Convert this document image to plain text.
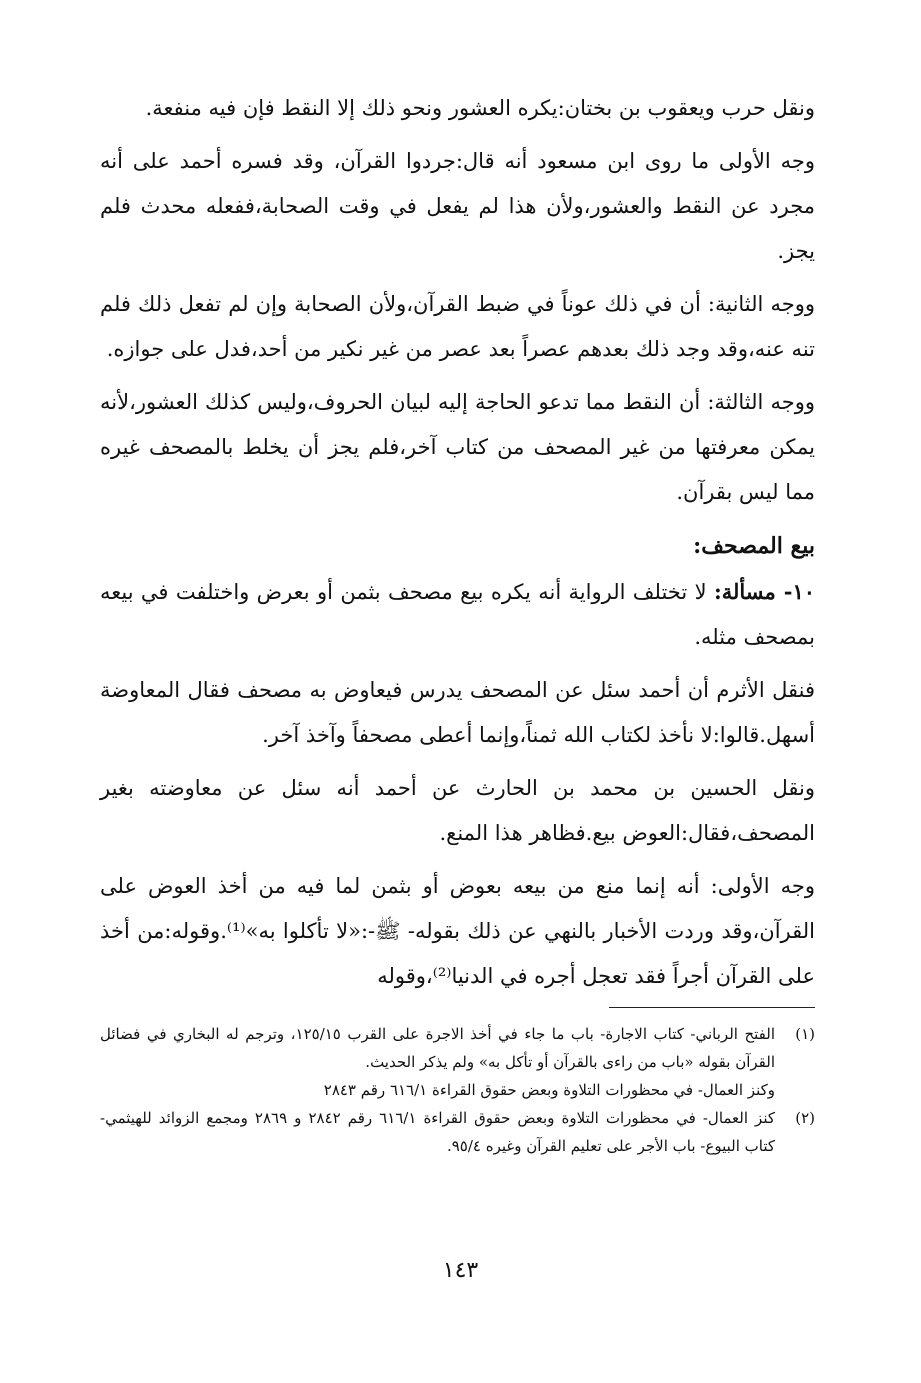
ونقل حرب ويعقوب بن بختان:يكره العشور ونحو ذلك إلا النقط فإن فيه منفعة.

وجه الأولى ما روى ابن مسعود أنه قال:جردوا القرآن، وقد فسره أحمد على أنه مجرد عن النقط والعشور،ولأن هذا لم يفعل في وقت الصحابة،ففعله محدث فلم يجز.

ووجه الثانية: أن في ذلك عوناً في ضبط القرآن،ولأن الصحابة وإن لم تفعل ذلك فلم تنه عنه،وقد وجد ذلك بعدهم عصراً بعد عصر من غير نكير من أحد،فدل على جوازه.

ووجه الثالثة: أن النقط مما تدعو الحاجة إليه لبيان الحروف،وليس كذلك العشور،لأنه يمكن معرفتها من غير المصحف من كتاب آخر،فلم يجز أن يخلط بالمصحف غيره مما ليس بقرآن.

بيع المصحف:

١٠- مسألة: لا تختلف الرواية أنه يكره بيع مصحف بثمن أو بعرض واختلفت في بيعه بمصحف مثله.

فنقل الأثرم أن أحمد سئل عن المصحف يدرس فيعاوض به مصحف فقال المعاوضة أسهل.قالوا:لا نأخذ لكتاب الله ثمناً،وإنما أعطى مصحفاً وآخذ آخر.

ونقل الحسين بن محمد بن الحارث عن أحمد أنه سئل عن معاوضته بغير المصحف،فقال:العوض بيع.فظاهر هذا المنع.

وجه الأولى: أنه إنما منع من بيعه بعوض أو بثمن لما فيه من أخذ العوض على القرآن،وقد وردت الأخبار بالنهي عن ذلك بقوله- ﷺ-:«لا تأكلوا به»⁽¹⁾.وقوله:من أخذ على القرآن أجراً فقد تعجل أجره في الدنيا⁽²⁾،وقوله

(١)
الفتح الرباني- كتاب الاجارة- باب ما جاء في أخذ الاجرة على القرب ١٢٥/١٥، وترجم له البخاري في فضائل القرآن بقوله «باب من راءى بالقرآن أو تأكل به» ولم يذكر الحديث.
وكنز العمال- في محظورات التلاوة وبعض حقوق القراءة ٦١٦/١ رقم ٢٨٤٣
(٢)
كنز العمال- في محظورات التلاوة وبعض حقوق القراءة ٦١٦/١ رقم ٢٨٤٢ و ٢٨٦٩ ومجمع الزوائد للهيثمي- كتاب البيوع- باب الأجر على تعليم القرآن وغيره ٩٥/٤.
١٤٣
